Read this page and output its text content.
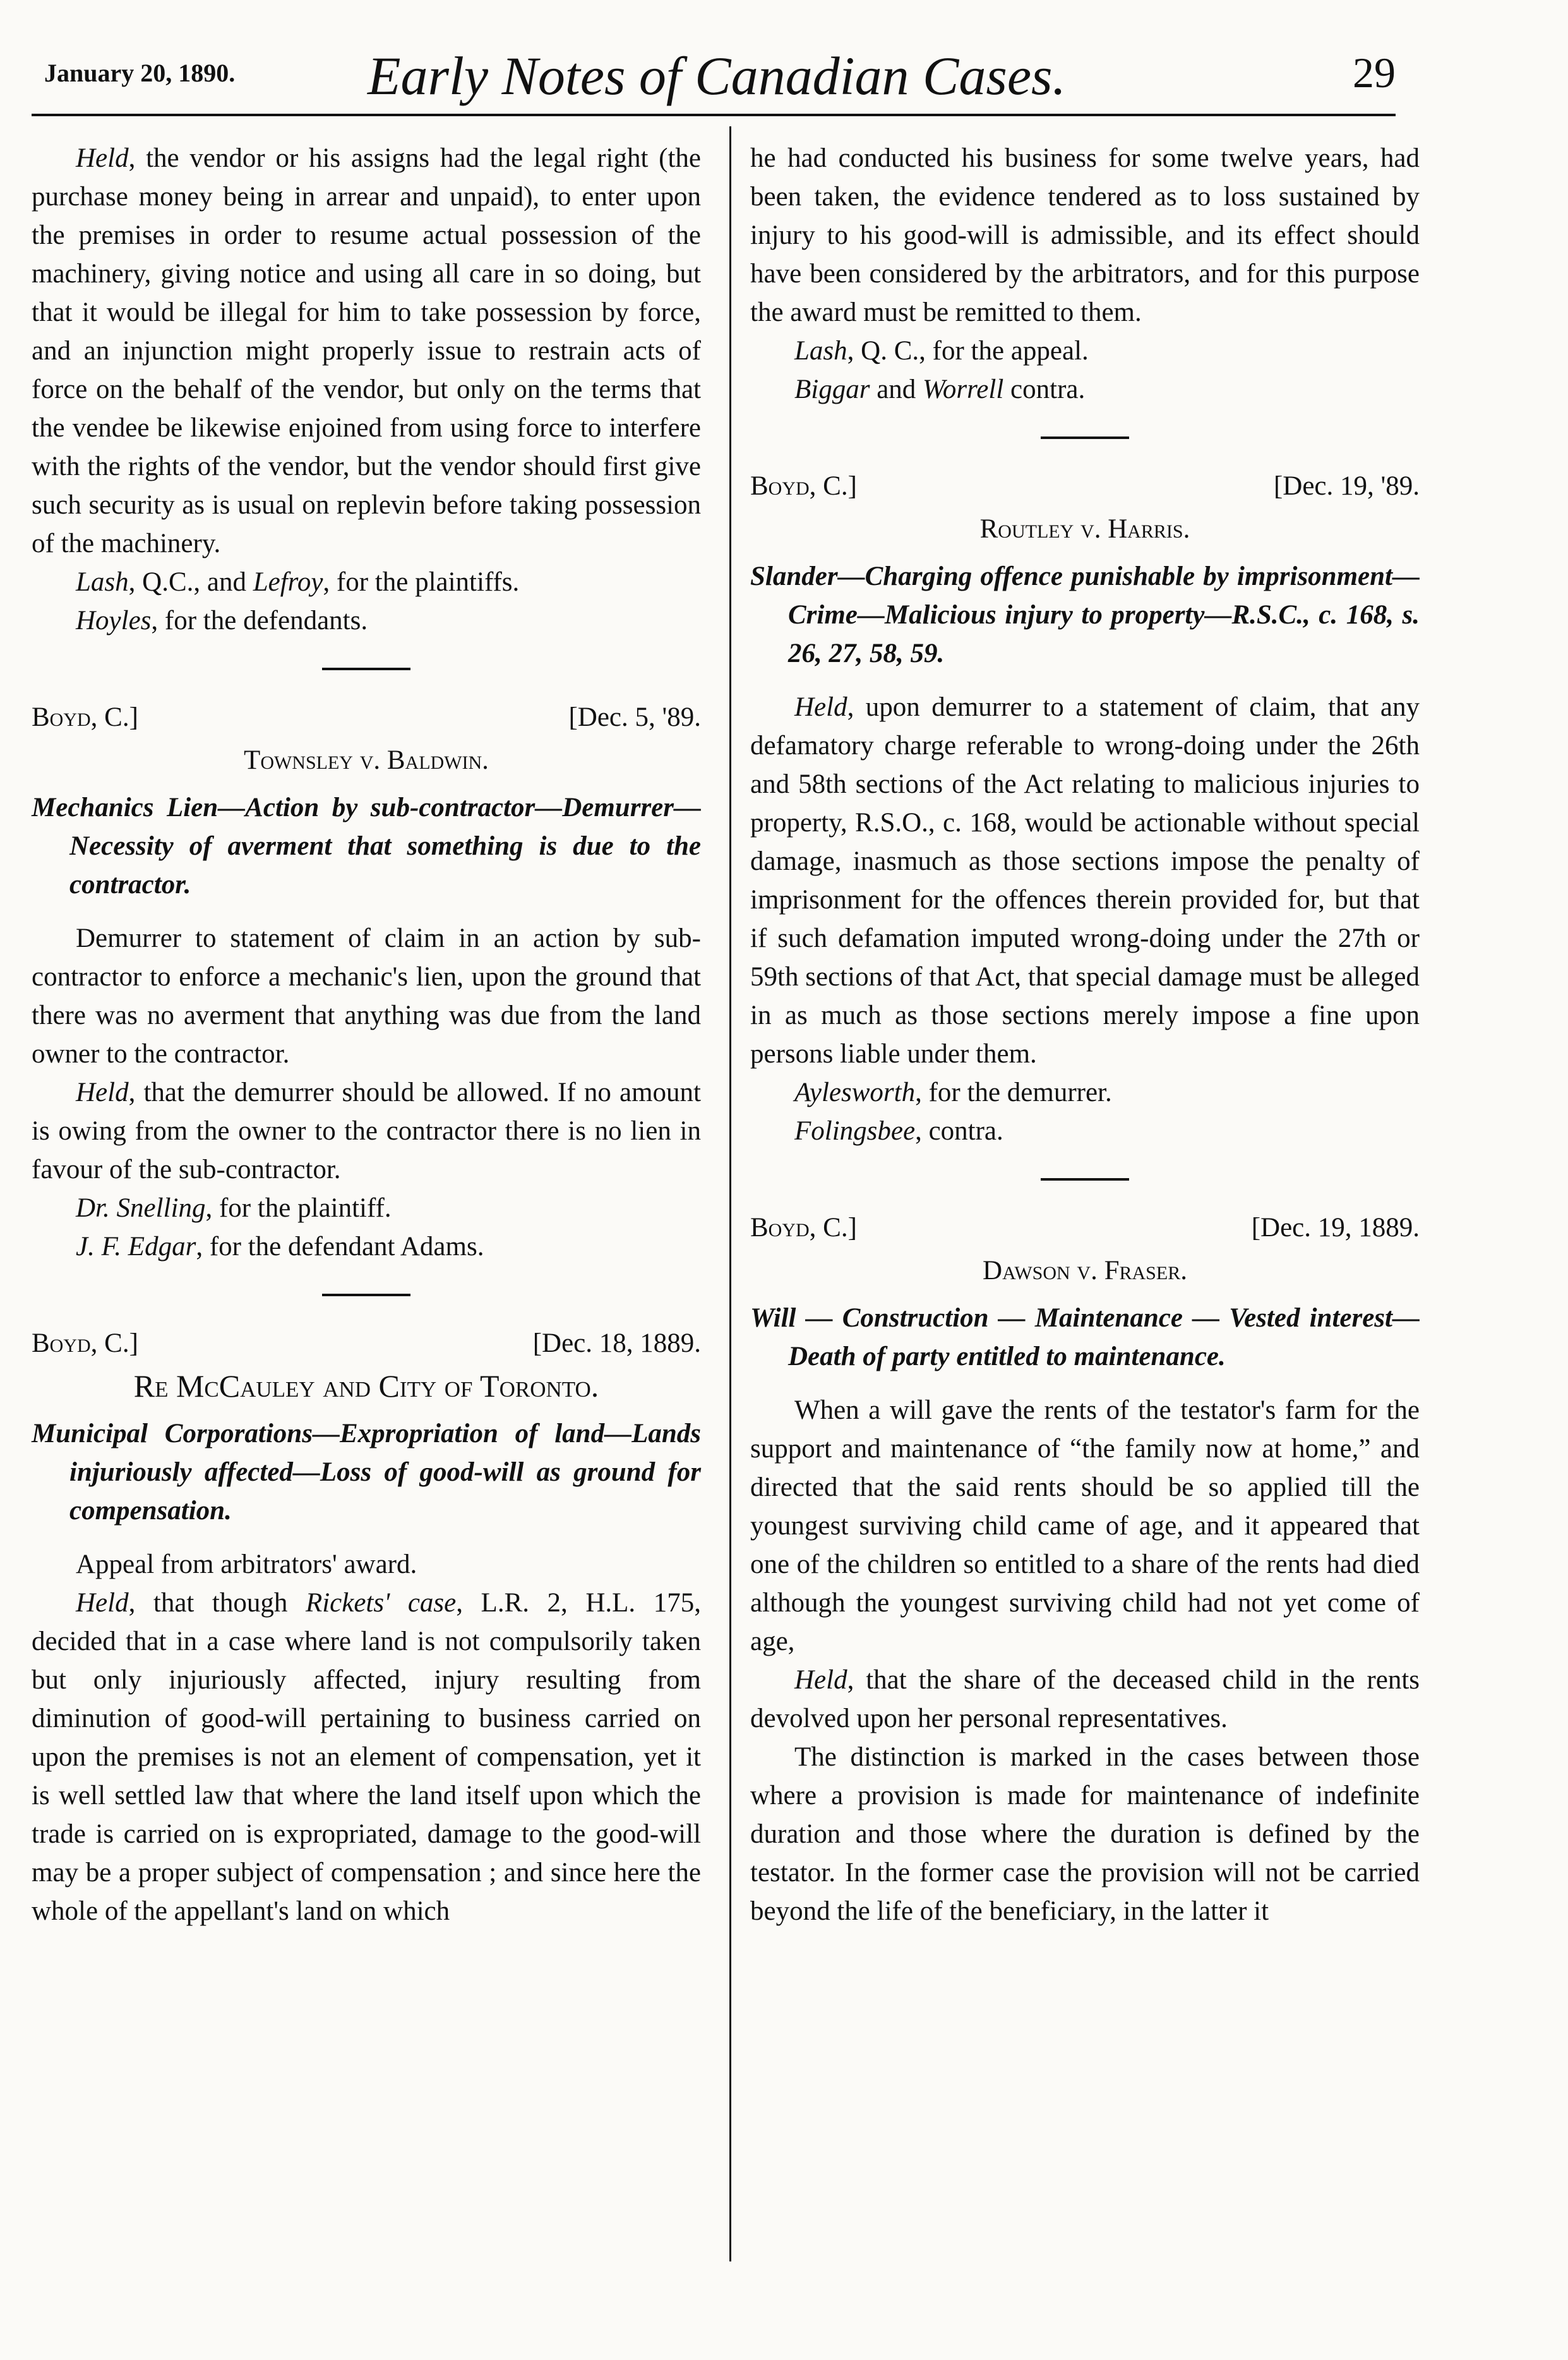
January 20, 1890.	Early Notes of Canadian Cases.	29

Held, the vendor or his assigns had the legal right (the purchase money being in arrear and unpaid), to enter upon the premises in order to resume actual possession of the machinery, giving notice and using all care in so doing, but that it would be illegal for him to take possession by force, and an injunction might properly issue to restrain acts of force on the behalf of the vendor, but only on the terms that the vendee be likewise enjoined from using force to interfere with the rights of the vendor, but the vendor should first give such security as is usual on replevin before taking possession of the machinery.

Lash, Q.C., and Lefroy, for the plaintiffs.

Hoyles, for the defendants.

Boyd, C.]	[Dec. 5, '89.
Townsley v. Baldwin.
Mechanics Lien—Action by sub-contractor—Demurrer—Necessity of averment that something is due to the contractor.

Demurrer to statement of claim in an action by sub-contractor to enforce a mechanic's lien, upon the ground that there was no averment that anything was due from the land owner to the contractor.

Held, that the demurrer should be allowed. If no amount is owing from the owner to the contractor there is no lien in favour of the sub-contractor.

Dr. Snelling, for the plaintiff.

J. F. Edgar, for the defendant Adams.

Boyd, C.]	[Dec. 18, 1889.
Re McCauley and City of Toronto.
Municipal Corporations—Expropriation of land—Lands injuriously affected—Loss of good-will as ground for compensation.

Appeal from arbitrators' award.

Held, that though Rickets' case, L.R. 2, H.L. 175, decided that in a case where land is not compulsorily taken but only injuriously affected, injury resulting from diminution of good-will pertaining to business carried on upon the premises is not an element of compensation, yet it is well settled law that where the land itself upon which the trade is carried on is expropriated, damage to the good-will may be a proper subject of compensation ; and since here the whole of the appellant's land on which

he had conducted his business for some twelve years, had been taken, the evidence tendered as to loss sustained by injury to his good-will is admissible, and its effect should have been considered by the arbitrators, and for this purpose the award must be remitted to them.

Lash, Q. C., for the appeal.

Biggar and Worrell contra.

Boyd, C.]	[Dec. 19, '89.
Routley v. Harris.
Slander—Charging offence punishable by imprisonment—Crime—Malicious injury to property—R.S.C., c. 168, s. 26, 27, 58, 59.

Held, upon demurrer to a statement of claim, that any defamatory charge referable to wrong-doing under the 26th and 58th sections of the Act relating to malicious injuries to property, R.S.O., c. 168, would be actionable without special damage, inasmuch as those sections impose the penalty of imprisonment for the offences therein provided for, but that if such defamation imputed wrong-doing under the 27th or 59th sections of that Act, that special damage must be alleged in as much as those sections merely impose a fine upon persons liable under them.

Aylesworth, for the demurrer.

Folingsbee, contra.

Boyd, C.]	[Dec. 19, 1889.
Dawson v. Fraser.
Will — Construction — Maintenance — Vested interest—Death of party entitled to maintenance.

When a will gave the rents of the testator's farm for the support and maintenance of “the family now at home,” and directed that the said rents should be so applied till the youngest surviving child came of age, and it appeared that one of the children so entitled to a share of the rents had died although the youngest surviving child had not yet come of age,

Held, that the share of the deceased child in the rents devolved upon her personal representatives.

The distinction is marked in the cases between those where a provision is made for maintenance of indefinite duration and those where the duration is defined by the testator. In the former case the provision will not be carried beyond the life of the beneficiary, in the latter it
